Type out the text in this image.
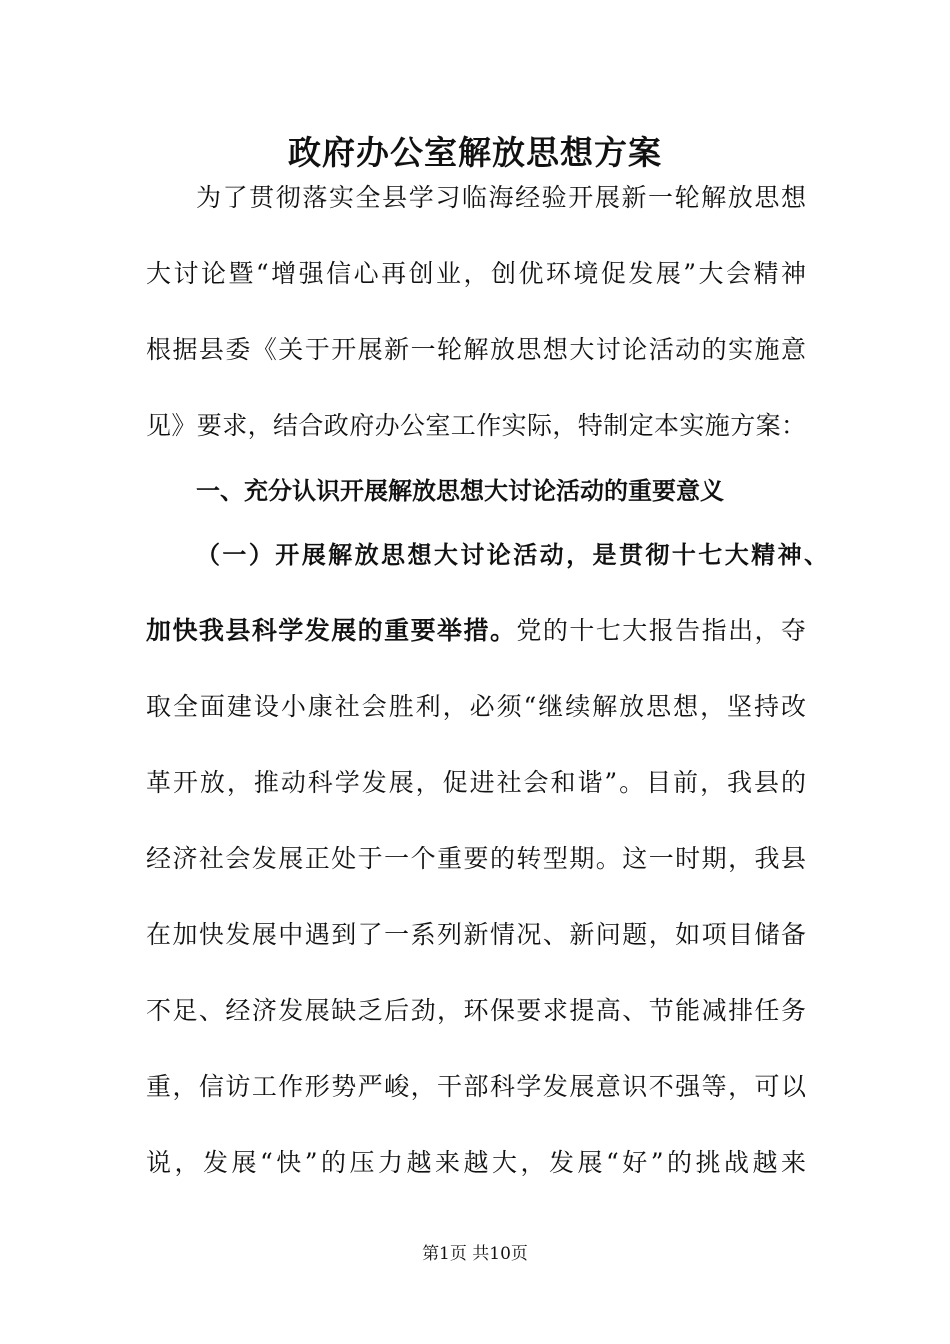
政府办公室解放思想方案
为了贯彻落实全县学习临海经验开展新一轮解放思想
大讨论暨“增强信心再创业，创优环境促发展”大会精神
根据县委《关于开展新一轮解放思想大讨论活动的实施意
见》要求，结合政府办公室工作实际，特制定本实施方案：
一、充分认识开展解放思想大讨论活动的重要意义
（一）开展解放思想大讨论活动，是贯彻十七大精神、
加快我县科学发展的重要举措。党的十七大报告指出，夺
取全面建设小康社会胜利，必须“继续解放思想，坚持改
革开放，推动科学发展，促进社会和谐”。目前，我县的
经济社会发展正处于一个重要的转型期。这一时期，我县
在加快发展中遇到了一系列新情况、新问题，如项目储备
不足、经济发展缺乏后劲，环保要求提高、节能减排任务
重，信访工作形势严峻，干部科学发展意识不强等，可以
说，发展“快”的压力越来越大，发展“好”的挑战越来
第1页 共10页
